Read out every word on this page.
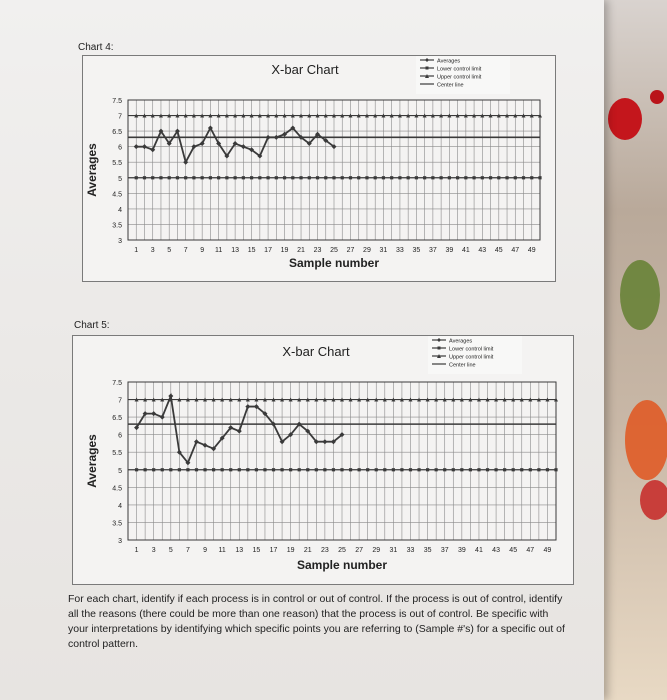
Chart 4:
7.5
7
6.5
6
5.5
5
4.5
4
3.5
3
1 3 5 7 9 11 13 15 17 19 21 23 25 27 29 31 33 35 37 39 41 43 45 47 49
X-bar Chart
Sample number
Averages
Averages
Lower control limit
Upper control limit
Center line
Chart 5:
7.5
7
6.5
6
5.5
5
4.5
4
3.5
3
1 3 5 7 9 11 13 15 17 19 21 23 25 27 29 31 33 35 37 39 41 43 45 47 49
X-bar Chart
Sample number
Averages
Averages
Lower control limit
Upper control limit
Center line
For each chart, identify if each process is in control or out of control. If the process is out of control, identify all the reasons (there could be more than one reason) that the process is out of control. Be specific with your interpretations by identifying which specific points you are referring to (Sample #'s) for a specific out of control pattern.
